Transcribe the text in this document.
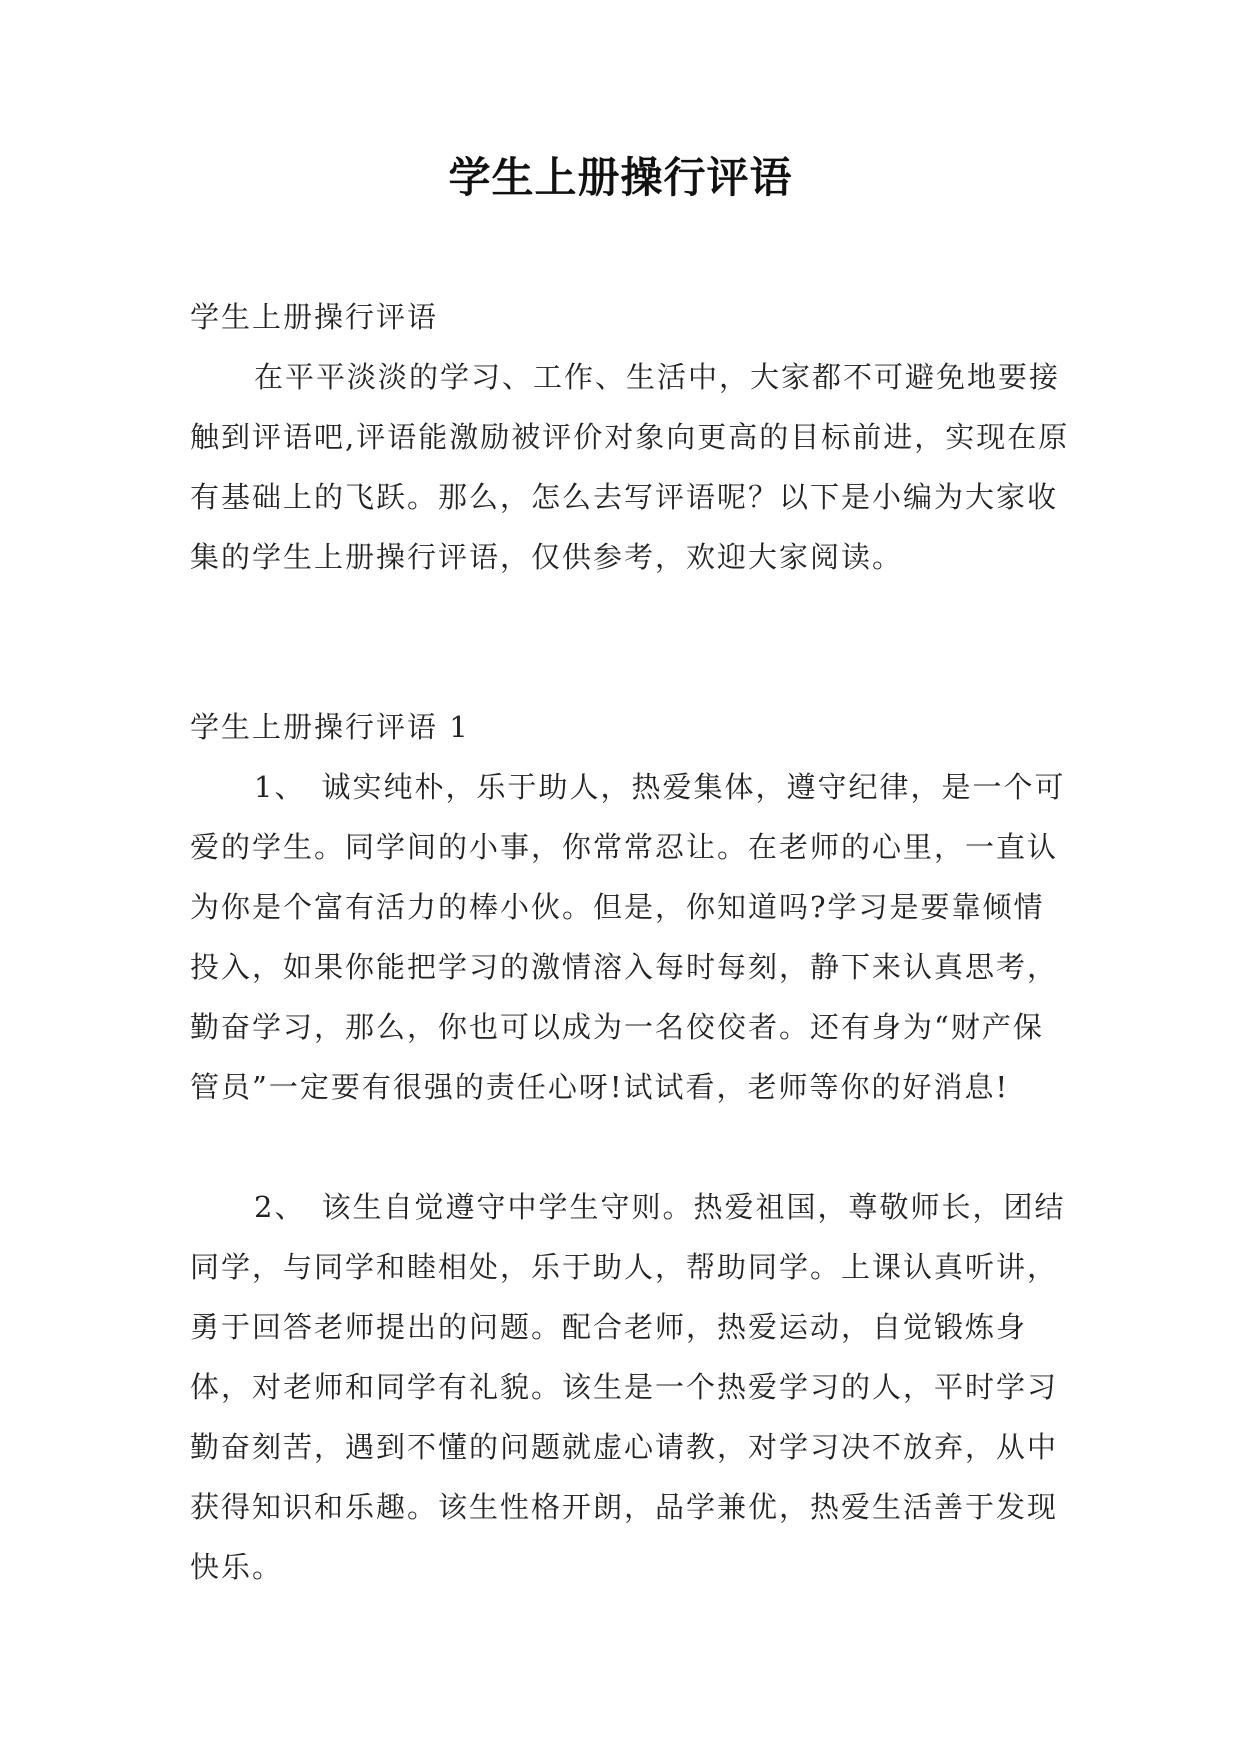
学生上册操行评语

学生上册操行评语

在平平淡淡的学习、工作、生活中，大家都不可避免地要接触到评语吧,评语能激励被评价对象向更高的目标前进，实现在原有基础上的飞跃。那么，怎么去写评语呢？以下是小编为大家收集的学生上册操行评语，仅供参考，欢迎大家阅读。

学生上册操行评语 1

1、 诚实纯朴，乐于助人，热爱集体，遵守纪律，是一个可爱的学生。同学间的小事，你常常忍让。在老师的心里，一直认为你是个富有活力的棒小伙。但是，你知道吗?学习是要靠倾情投入，如果你能把学习的激情溶入每时每刻，静下来认真思考，勤奋学习，那么，你也可以成为一名佼佼者。还有身为“财产保管员”一定要有很强的责任心呀!试试看，老师等你的好消息!

2、 该生自觉遵守中学生守则。热爱祖国，尊敬师长，团结同学，与同学和睦相处，乐于助人，帮助同学。上课认真听讲，勇于回答老师提出的问题。配合老师，热爱运动，自觉锻炼身体，对老师和同学有礼貌。该生是一个热爱学习的人，平时学习勤奋刻苦，遇到不懂的问题就虚心请教，对学习决不放弃，从中获得知识和乐趣。该生性格开朗，品学兼优，热爱生活善于发现快乐。
